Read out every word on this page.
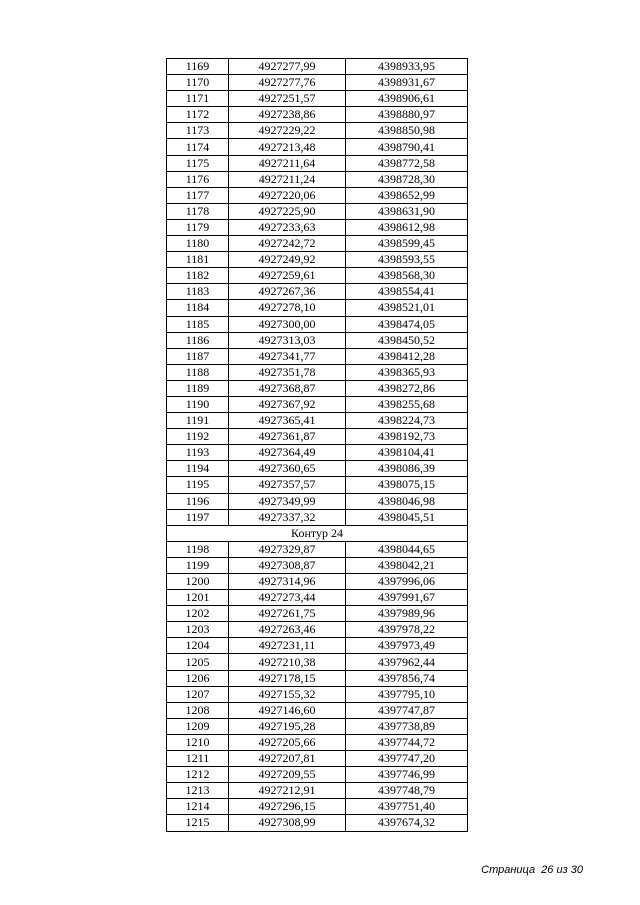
1169	4927277,99	4398933,95
1170	4927277,76	4398931,67
1171	4927251,57	4398906,61
1172	4927238,86	4398880,97
1173	4927229,22	4398850,98
1174	4927213,48	4398790,41
1175	4927211,64	4398772,58
1176	4927211,24	4398728,30
1177	4927220,06	4398652,99
1178	4927225,90	4398631,90
1179	4927233,63	4398612,98
1180	4927242,72	4398599,45
1181	4927249,92	4398593,55
1182	4927259,61	4398568,30
1183	4927267,36	4398554,41
1184	4927278,10	4398521,01
1185	4927300,00	4398474,05
1186	4927313,03	4398450,52
1187	4927341,77	4398412,28
1188	4927351,78	4398365,93
1189	4927368,87	4398272,86
1190	4927367,92	4398255,68
1191	4927365,41	4398224,73
1192	4927361,87	4398192,73
1193	4927364,49	4398104,41
1194	4927360,65	4398086,39
1195	4927357,57	4398075,15
1196	4927349,99	4398046,98
1197	4927337,32	4398045,51
Контур 24		
1198	4927329,87	4398044,65
1199	4927308,87	4398042,21
1200	4927314,96	4397996,06
1201	4927273,44	4397991,67
1202	4927261,75	4397989,96
1203	4927263,46	4397978,22
1204	4927231,11	4397973,49
1205	4927210,38	4397962,44
1206	4927178,15	4397856,74
1207	4927155,32	4397795,10
1208	4927146,60	4397747,87
1209	4927195,28	4397738,89
1210	4927205,66	4397744,72
1211	4927207,81	4397747,20
1212	4927209,55	4397746,99
1213	4927212,91	4397748,79
1214	4927296,15	4397751,40
1215	4927308,99	4397674,32
Страница  26 из 30
